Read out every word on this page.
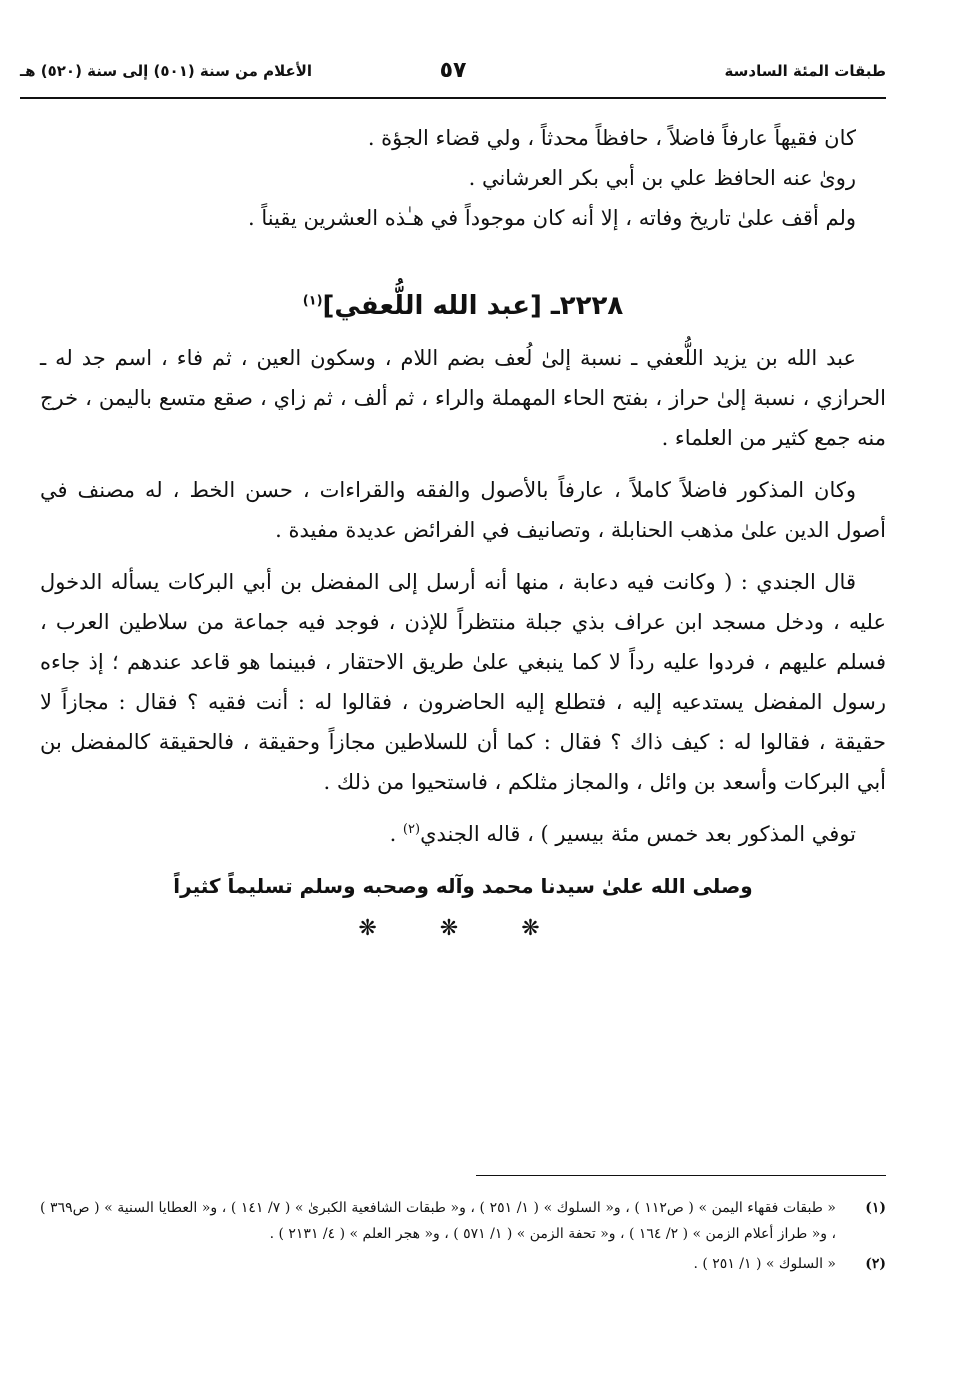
طبقات المئة السادسة
٥٧
الأعلام من سنة (٥٠١) إلى سنة (٥٢٠) هـ

كان فقيهاً عارفاً فاضلاً ، حافظاً محدثاً ، ولي قضاء الجؤة .

روىٰ عنه الحافظ علي بن أبي بكر العرشاني .

ولم أقف علىٰ تاريخ وفاته ، إلا أنه كان موجوداً في هـٰذه العشرين يقيناً .

٢٢٢٨ـ [عبد الله اللُّعفي]$^{(١)}$

عبد الله بن يزيد اللُّعفي ـ نسبة إلىٰ لُعف بضم اللام ، وسكون العين ، ثم فاء ، اسم جد له ـ الحرازي ، نسبة إلىٰ حراز ، بفتح الحاء المهملة والراء ، ثم ألف ، ثم زاي ، صقع متسع باليمن ، خرج منه جمع كثير من العلماء .

وكان المذكور فاضلاً كاملاً ، عارفاً بالأصول والفقه والقراءات ، حسن الخط ، له مصنف في أصول الدين علىٰ مذهب الحنابلة ، وتصانيف في الفرائض عديدة مفيدة .

قال الجندي : ( وكانت فيه دعابة ، منها أنه أرسل إلى المفضل بن أبي البركات يسأله الدخول عليه ، ودخل مسجد ابن عراف بذي جبلة منتظراً للإذن ، فوجد فيه جماعة من سلاطين العرب ، فسلم عليهم ، فردوا عليه رداً لا كما ينبغي علىٰ طريق الاحتقار ، فبينما هو قاعد عندهم ؛ إذ جاءه رسول المفضل يستدعيه إليه ، فتطلع إليه الحاضرون ، فقالوا له : أنت فقيه ؟ فقال : مجازاً لا حقيقة ، فقالوا له : كيف ذاك ؟ فقال : كما أن للسلاطين مجازاً وحقيقة ، فالحقيقة كالمفضل بن أبي البركات وأسعد بن وائل ، والمجاز مثلكم ، فاستحيوا من ذلك .

توفي المذكور بعد خمس مئة بيسير ) ، قاله الجندي$^{(٢)}$ .

وصلى الله علىٰ سيدنا محمد وآله وصحبه وسلم تسليماً كثيراً
❋ ❋ ❋
(١)
« طبقات فقهاء اليمن » ( ص١١٢ ) ، و« السلوك » ( ١/ ٢٥١ ) ، و« طبقات الشافعية الكبرىٰ » ( ٧/ ١٤١ ) ، و« العطايا السنية » ( ص٣٦٩ ) ، و« طراز أعلام الزمن » ( ٢/ ١٦٤ ) ، و« تحفة الزمن » ( ١/ ٥٧١ ) ، و« هجر العلم » ( ٤/ ٢١٣١ ) .
(٢)
« السلوك » ( ١/ ٢٥١ ) .
